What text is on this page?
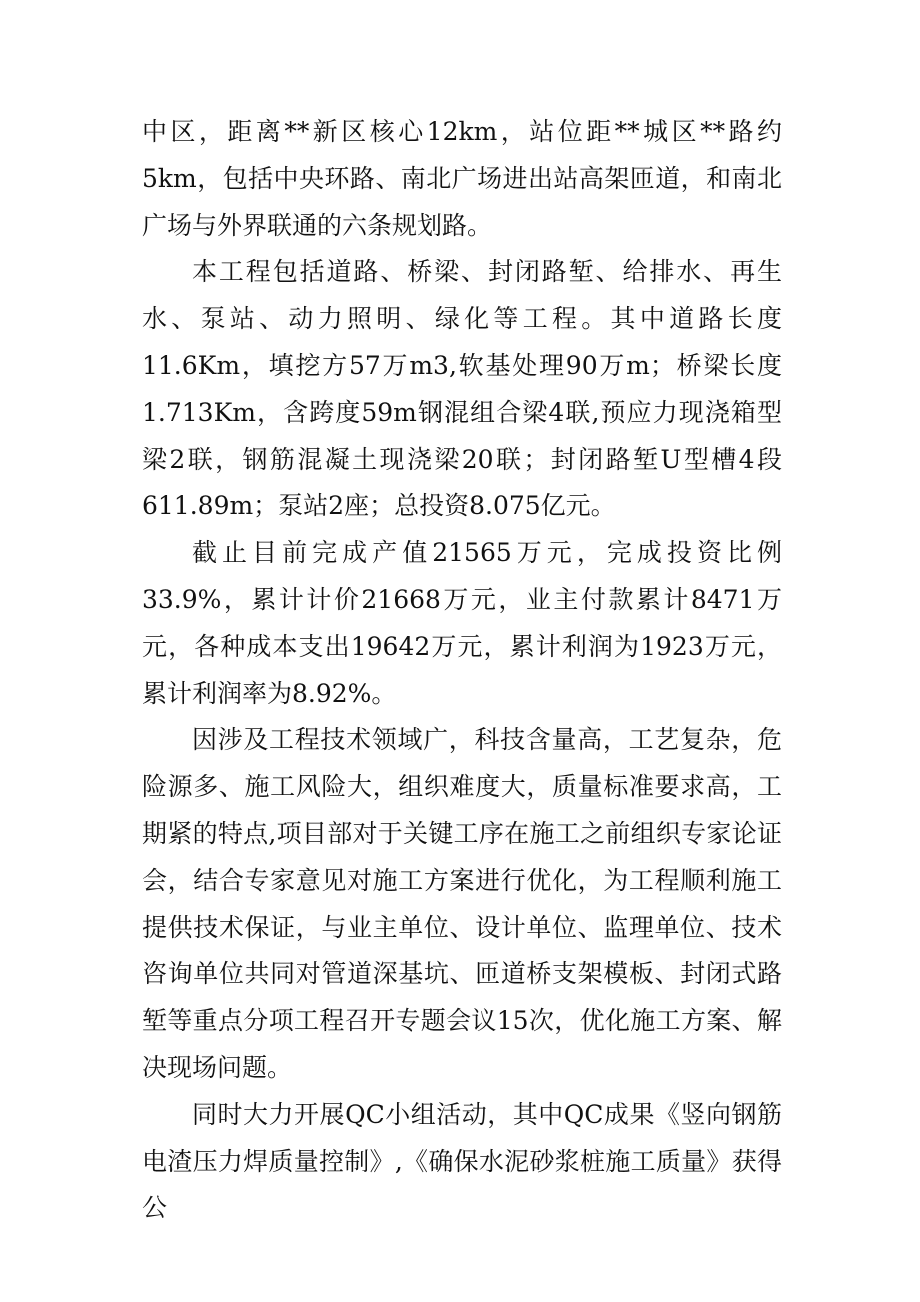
中区，距离**新区核心12km，站位距**城区**路约5km，包括中央环路、南北广场进出站高架匝道，和南北广场与外界联通的六条规划路。

本工程包括道路、桥梁、封闭路堑、给排水、再生水、泵站、动力照明、绿化等工程。其中道路长度11.6Km，填挖方57万m3,软基处理90万m；桥梁长度1.713Km，含跨度59m钢混组合梁4联,预应力现浇箱型梁2联，钢筋混凝土现浇梁20联；封闭路堑U型槽4段611.89m；泵站2座；总投资8.075亿元。

截止目前完成产值21565万元，完成投资比例33.9%，累计计价21668万元，业主付款累计8471万元，各种成本支出19642万元，累计利润为1923万元，累计利润率为8.92%。

因涉及工程技术领域广，科技含量高，工艺复杂，危险源多、施工风险大，组织难度大，质量标准要求高，工期紧的特点,项目部对于关键工序在施工之前组织专家论证会，结合专家意见对施工方案进行优化，为工程顺利施工提供技术保证，与业主单位、设计单位、监理单位、技术咨询单位共同对管道深基坑、匝道桥支架模板、封闭式路堑等重点分项工程召开专题会议15次，优化施工方案、解决现场问题。

同时大力开展QC小组活动，其中QC成果《竖向钢筋电渣压力焊质量控制》,《确保水泥砂浆桩施工质量》获得公
